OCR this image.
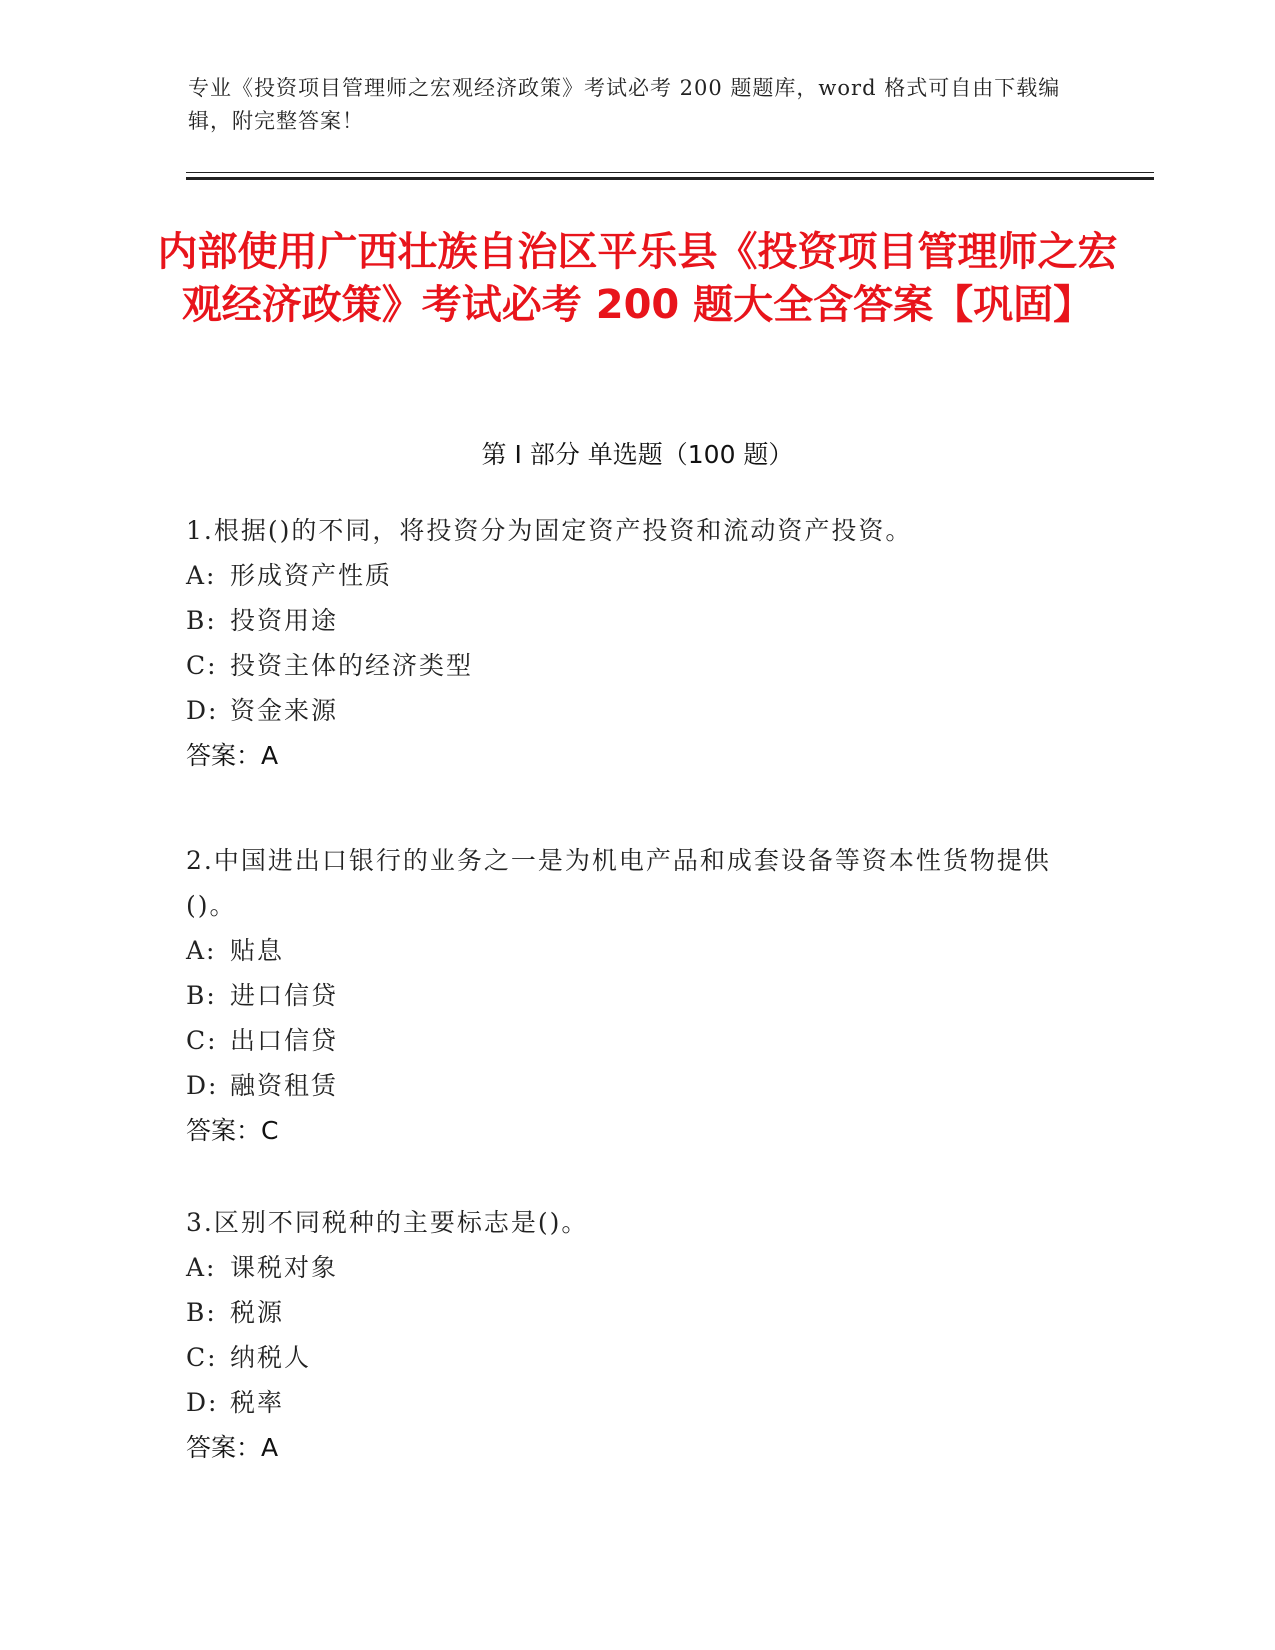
专业《投资项目管理师之宏观经济政策》考试必考 200 题题库，word 格式可自由下载编辑，附完整答案！
内部使用广西壮族自治区平乐县《投资项目管理师之宏观经济政策》考试必考 200 题大全含答案【巩固】
第 I 部分 单选题（100 题）
1.根据()的不同，将投资分为固定资产投资和流动资产投资。
A: 形成资产性质
B: 投资用途
C: 投资主体的经济类型
D: 资金来源
答案：A
2.中国进出口银行的业务之一是为机电产品和成套设备等资本性货物提供()。
A: 贴息
B: 进口信贷
C: 出口信贷
D: 融资租赁
答案：C
3.区别不同税种的主要标志是()。
A: 课税对象
B: 税源
C: 纳税人
D: 税率
答案：A
